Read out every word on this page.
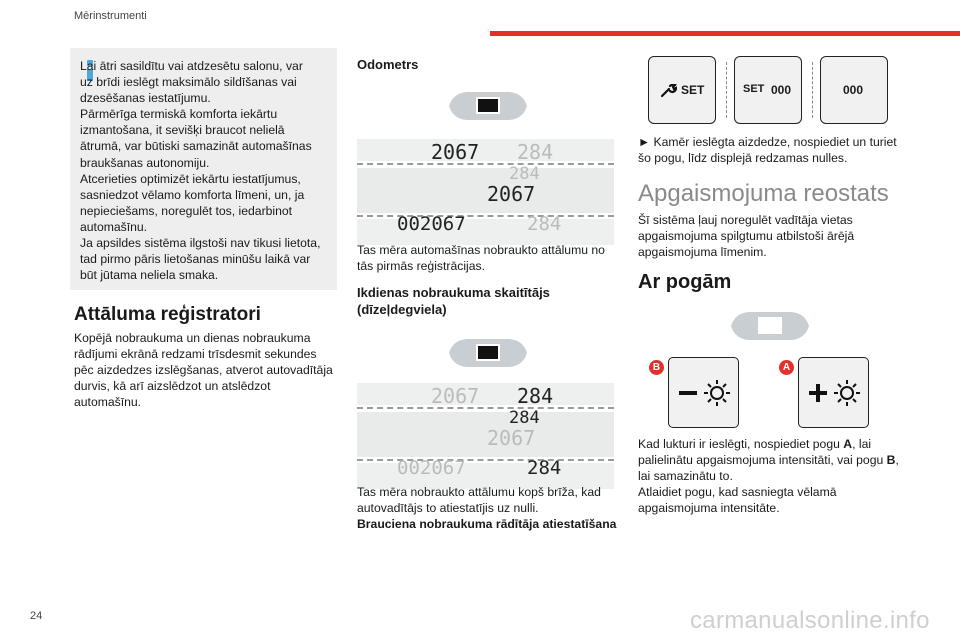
Mērinstrumenti
Lai ātri sasildītu vai atdzesētu salonu, var
uz brīdi ieslēgt maksimālo sildīšanas vai
dzesēšanas iestatījumu.
Pārmērīga termiskā komforta iekārtu
izmantošana, it sevišķi braucot nelielā
ātrumā, var būtiski samazināt automašīnas
braukšanas autonomiju.
Atcerieties optimizēt iekārtu iestatījumus,
sasniedzot vēlamo komforta līmeni, un, ja
nepieciešams, noregulēt tos, iedarbinot
automašīnu.
Ja apsildes sistēma ilgstoši nav tikusi lietota,
tad pirmo pāris lietošanas minūšu laikā var
būt jūtama neliela smaka.
Attāluma reģistratori
Kopējā nobraukuma un dienas nobraukuma rādījumi ekrānā redzami trīsdesmit sekundes pēc aizdedzes izslēgšanas, atverot autovadītāja durvis, kā arī aizslēdzot un atslēdzot automašīnu.
Odometrs
2067 284
284
2067
002067	284
Tas mēra automašīnas nobraukto attālumu no tās pirmās reģistrācijas.
Ikdienas nobraukuma skaitītājs (dīzeļdegviela)
2067 284
284
2067
002067	284
Tas mēra nobraukto attālumu kopš brīža, kad autovadītājs to atiestatījis uz nulli.
Brauciena nobraukuma rādītāja atiestatīšana
SET	SET 000	000
► Kamēr ieslēgta aizdedze, nospiediet un turiet šo pogu, līdz displejā redzamas nulles.
Apgaismojuma reostats
Šī sistēma ļauj noregulēt vadītāja vietas apgaismojuma spilgtumu atbilstoši ārējā apgaismojuma līmenim.
Ar pogām
B	A
Kad lukturi ir ieslēgti, nospiediet pogu A, lai palielinātu apgaismojuma intensitāti, vai pogu B, lai samazinātu to.
Atlaidiet pogu, kad sasniegta vēlamā apgaismojuma intensitāte.
24	carmanualsonline.info
